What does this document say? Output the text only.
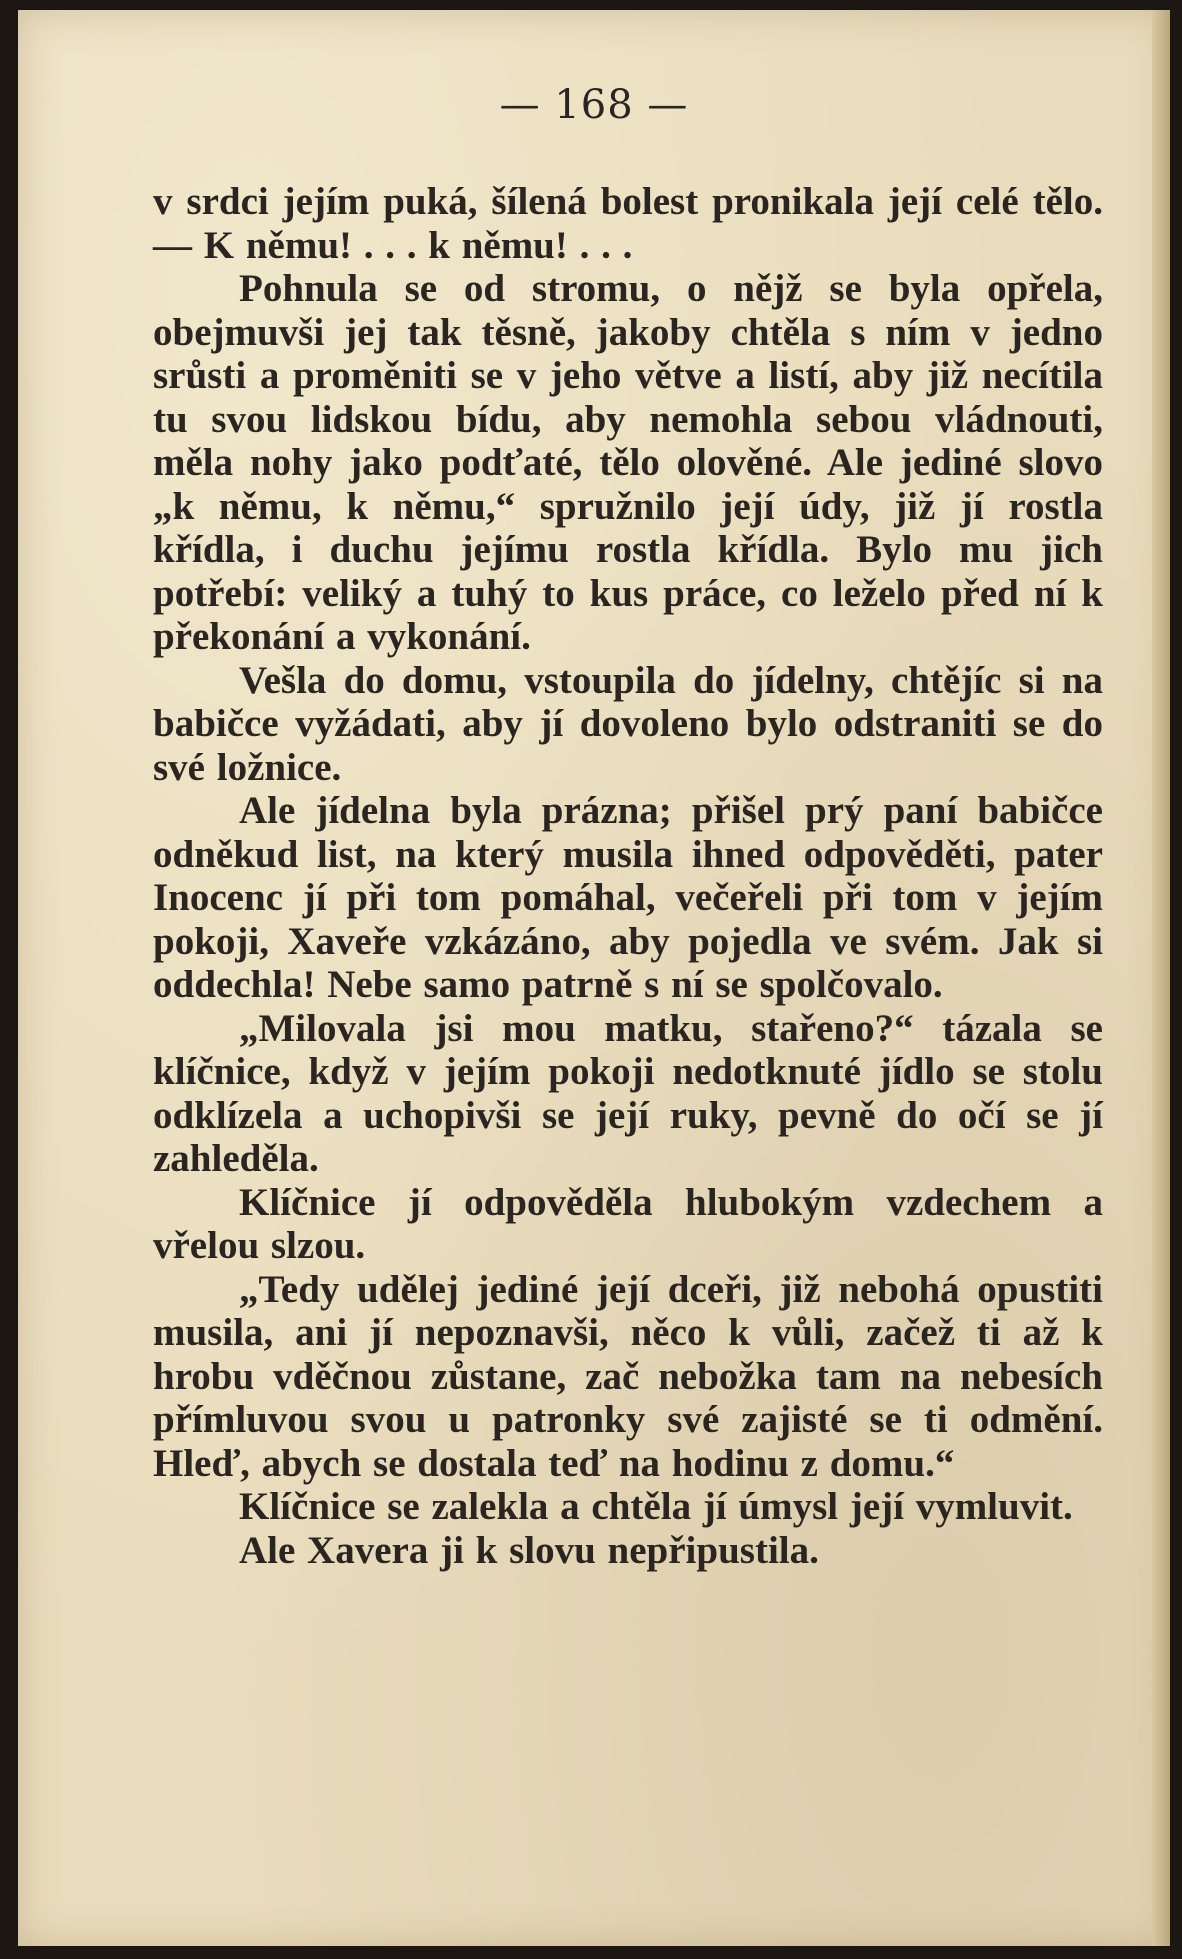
— 168 —

v srdci jejím puká, šílená bolest pronikala její celé tělo. — K němu! . . . k němu! . . .

Pohnula se od stromu, o nějž se byla opřela, obejmuvši jej tak těsně, jakoby chtěla s ním v jedno srůsti a proměniti se v jeho větve a listí, aby již necítila tu svou lidskou bídu, aby nemohla sebou vládnouti, měla nohy jako podťaté, tělo olověné. Ale jediné slovo „k němu, k němu,“ spružnilo její údy, již jí rostla křídla, i duchu jejímu rostla křídla. Bylo mu jich potřebí: veliký a tuhý to kus práce, co leželo před ní k překonání a vykonání.

Vešla do domu, vstoupila do jídelny, chtějíc si na babičce vyžádati, aby jí dovoleno bylo odstraniti se do své ložnice.

Ale jídelna byla prázna; přišel prý paní babičce odněkud list, na který musila ihned odpověděti, pater Inocenc jí při tom pomáhal, večeřeli při tom v jejím pokoji, Xaveře vzkázáno, aby pojedla ve svém. Jak si oddechla! Nebe samo patrně s ní se spolčovalo.

„Milovala jsi mou matku, stařeno?“ tázala se klíčnice, když v jejím pokoji nedotknuté jídlo se stolu odklízela a uchopivši se její ruky, pevně do očí se jí zahleděla.

Klíčnice jí odpověděla hlubokým vzdechem a vřelou slzou.

„Tedy udělej jediné její dceři, již nebohá opustiti musila, ani jí nepoznavši, něco k vůli, začež ti až k hrobu vděčnou zůstane, zač nebožka tam na nebesích přímluvou svou u patronky své zajisté se ti odmění. Hleď, abych se dostala teď na hodinu z domu.“

Klíčnice se zalekla a chtěla jí úmysl její vymluvit.

Ale Xavera ji k slovu nepřipustila.
